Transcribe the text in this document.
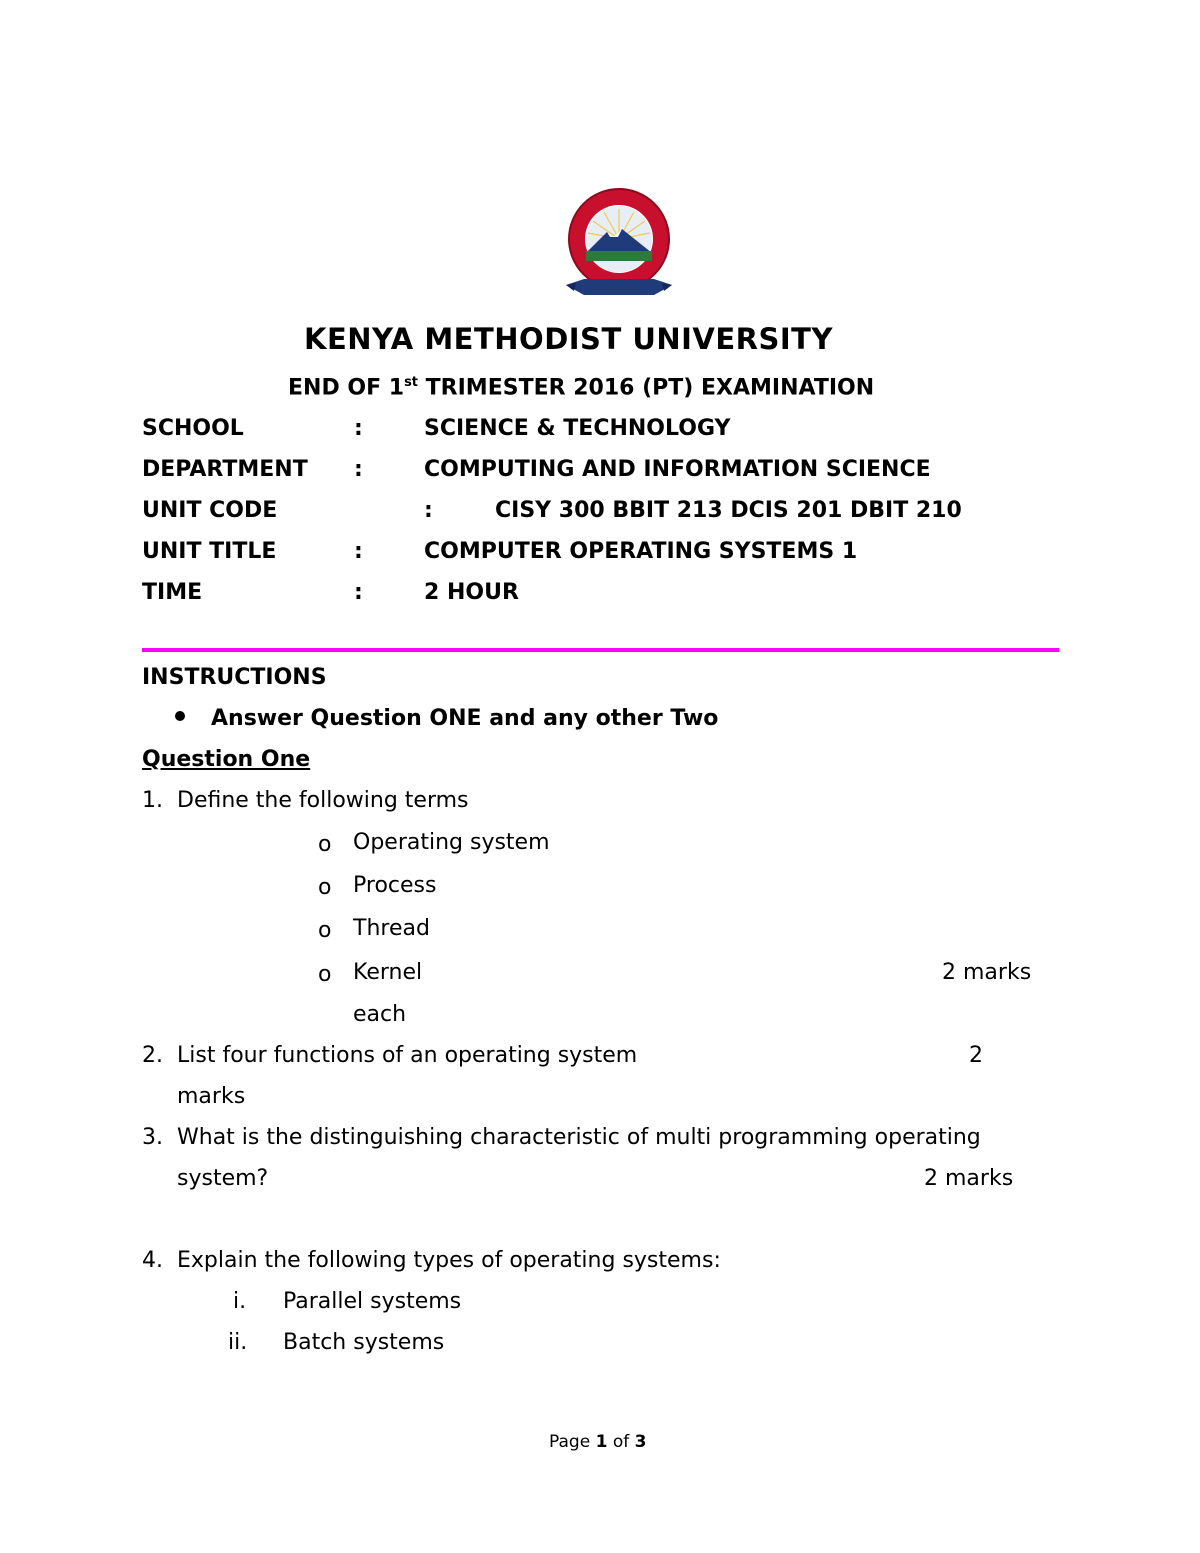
KENYA METHODIST UNIVERSITY
END OF 1st TRIMESTER 2016 (PT) EXAMINATION
SCHOOL	:	SCIENCE & TECHNOLOGY
DEPARTMENT :	COMPUTING AND INFORMATION SCIENCE
UNIT CODE	:	CISY 300 BBIT 213 DCIS 201 DBIT 210
UNIT TITLE	:	COMPUTER OPERATING SYSTEMS 1
TIME	:	2 HOUR
INSTRUCTIONS
Answer Question ONE and any other Two
Question One
1. Define the following terms
o Operating system
o Process
o Thread
o Kernel	2 marks
each
2. List four functions of an operating system	2
marks
3. What is the distinguishing characteristic of multi programming operating
system?	2 marks
4. Explain the following types of operating systems:
i. Parallel systems
ii. Batch systems
Page 1 of 3
